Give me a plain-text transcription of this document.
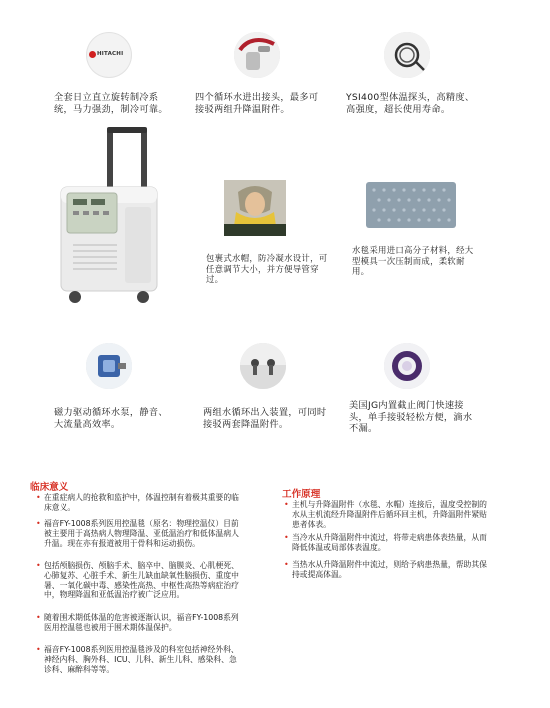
HITACHI
全套日立直立旋转制冷系统，马力强劲，制冷可靠。
四个循环水进出接头，最多可接驳两组升降温附件。
YSI400型体温探头，高精度、高强度，超长使用寿命。
包裹式水帽，防冷凝水设计，可任意调节大小，并方便导管穿过。
水毯采用进口高分子材料，经大型模具一次压制而成，柔软耐用。
磁力驱动循环水泵，静音、大流量高效率。
两组水循环出入装置，可同时接驳两套降温附件。
美国JG内置截止阀门快速接头，单手接驳轻松方便，滴水不漏。
临床意义
• 在重症病人的抢救和监护中，体温控制有着极其重要的临床意义。
• 福音FY-1008系列医用控温毯（原名：物理控温仪）目前被主要用于高热病人物理降温、亚低温治疗和低体温病人升温。现在亦有报道被用于骨科和运动损伤。
• 包括颅脑损伤、颅脑手术、脑卒中、脑膜炎、心肌梗死、心肺复苏、心脏手术、新生儿缺血缺氧性脑损伤、重度中暑、一氧化碳中毒、感染性高热、中枢性高热等病症治疗中，物理降温和亚低温治疗被广泛应用。
• 随着围术期低体温的危害被逐渐认识，福音FY-1008系列医用控温毯也被用于围术期体温保护。
• 福音FY-1008系列医用控温毯涉及的科室包括神经外科、神经内科、胸外科、ICU、儿科、新生儿科、感染科、急诊科、麻醉科等等。
工作原理
• 主机与升降温附件（水毯、水帽）连接后，温度受控制的水从主机流经升降温附件后循环回主机，升降温附件紧贴患者体表。
• 当冷水从升降温附件中流过，将带走病患体表热量，从而降低体温或局部体表温度。
• 当热水从升降温附件中流过，则给予病患热量，帮助其保持或提高体温。
